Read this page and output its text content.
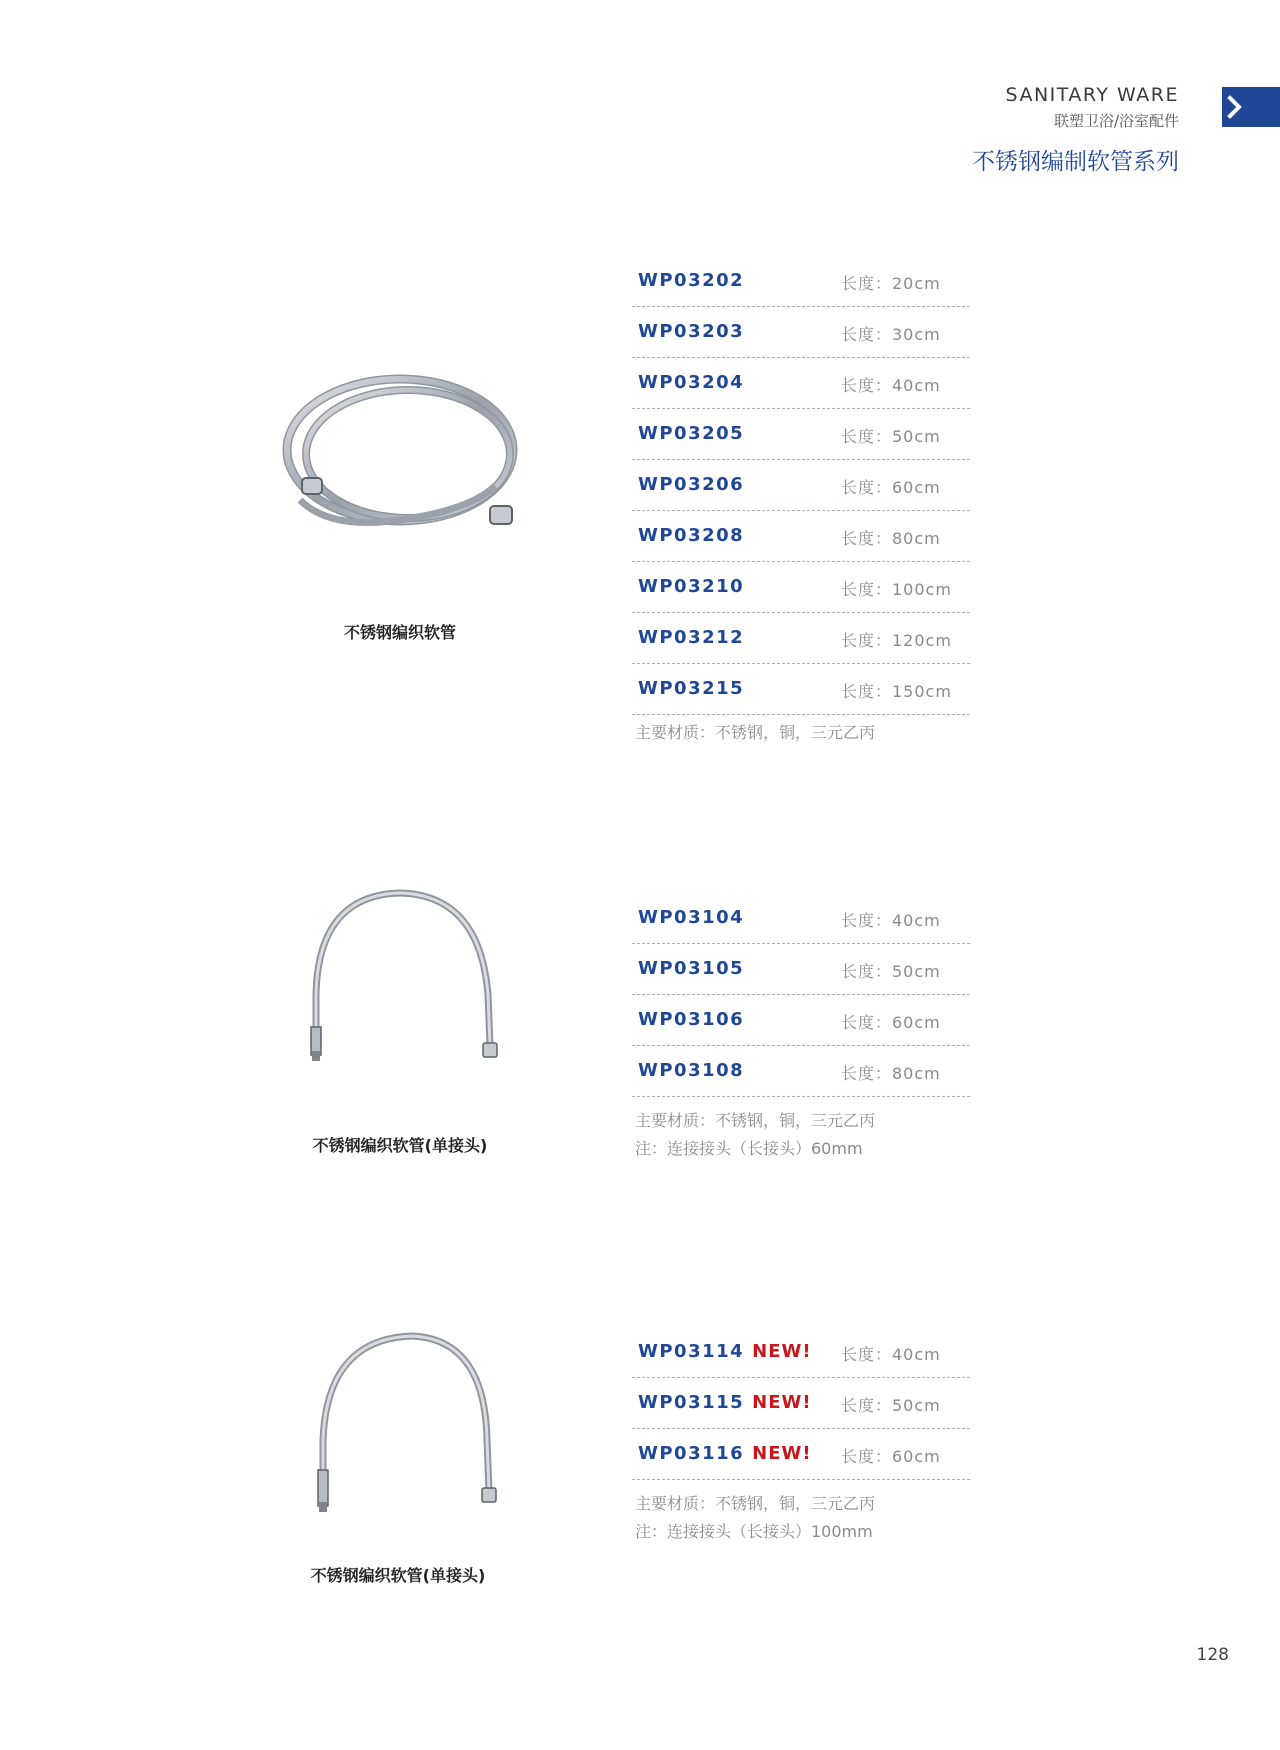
SANITARY WARE
联塑卫浴/浴室配件
不锈钢编制软管系列
不锈钢编织软管
WP03202	长度：20cm
WP03203	长度：30cm
WP03204	长度：40cm
WP03205	长度：50cm
WP03206	长度：60cm
WP03208	长度：80cm
WP03210	长度：100cm
WP03212	长度：120cm
WP03215	长度：150cm
主要材质：不锈钢，铜，三元乙丙
不锈钢编织软管(单接头)
WP03104	长度：40cm
WP03105	长度：50cm
WP03106	长度：60cm
WP03108	长度：80cm
主要材质：不锈钢，铜，三元乙丙
注：连接接头（长接头）60mm
不锈钢编织软管(单接头)
WP03114 NEW! 长度：40cm
WP03115 NEW! 长度：50cm
WP03116 NEW! 长度：60cm
主要材质：不锈钢，铜，三元乙丙
注：连接接头（长接头）100mm
128
